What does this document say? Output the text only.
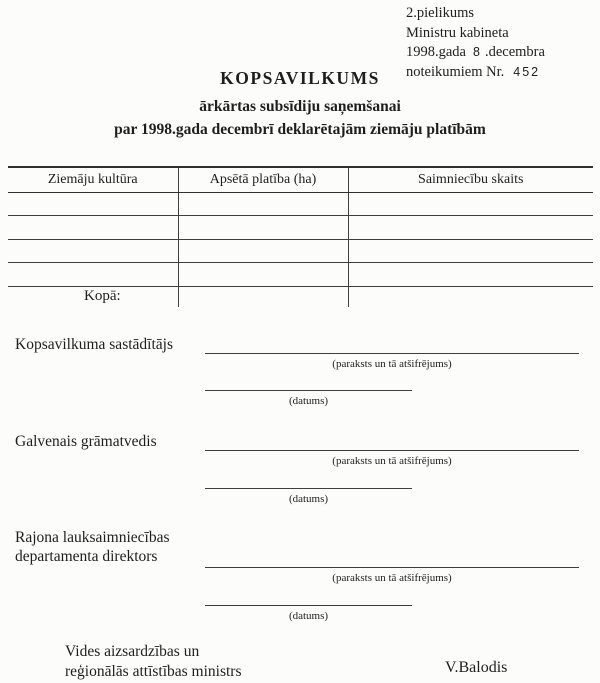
2.pielikums
Ministru kabineta
1998.gada 8 .decembra
noteikumiem Nr. 452
KOPSAVILKUMS
ārkārtas subsīdiju saņemšanai
par 1998.gada decembrī deklarētajām ziemāju platībām
Ziemāju kultūra	Apsētā platība (ha)	Saimniecību skaits

Kopā:		
Kopsavilkuma sastādītājs
(paraksts un tā atšifrējums)
(datums)
Galvenais grāmatvedis
(paraksts un tā atšifrējums)
(datums)
Rajona lauksaimniecības
departamenta direktors
(paraksts un tā atšifrējums)
(datums)
Vides aizsardzības un
reģionālās attīstības ministrs	V.Balodis
